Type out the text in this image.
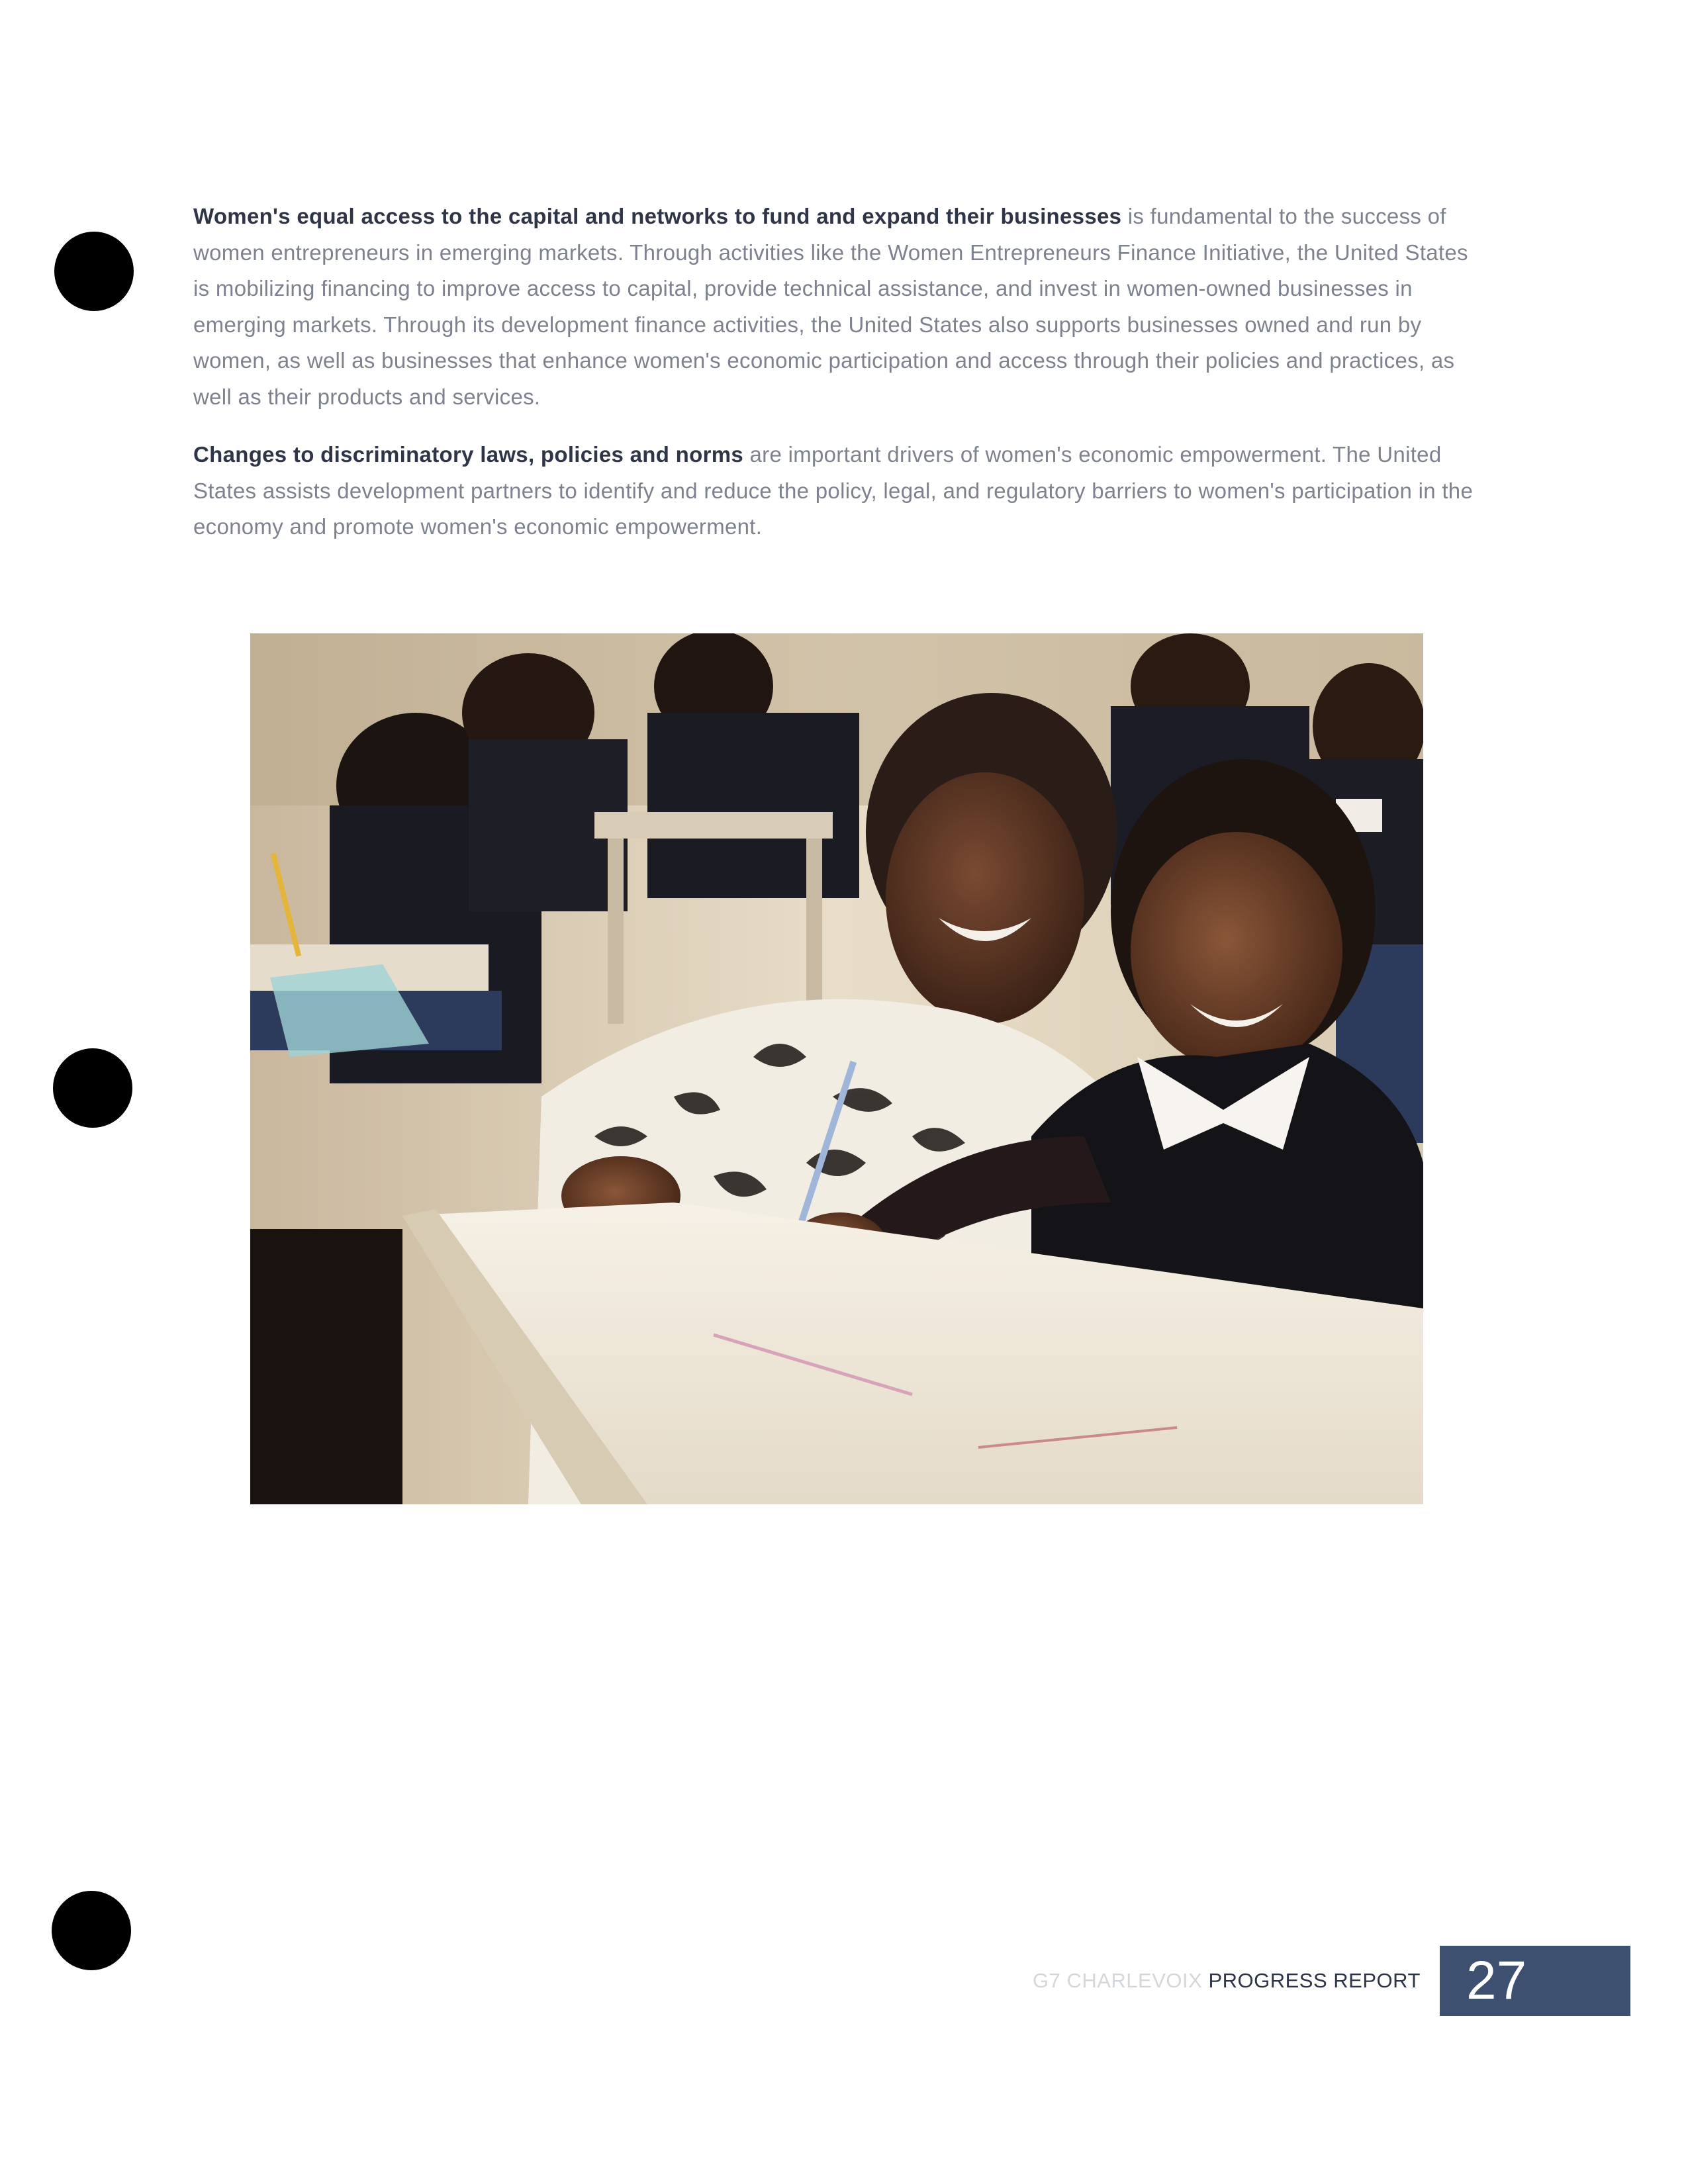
Women's equal access to the capital and networks to fund and expand their businesses is fundamental to the success of women entrepreneurs in emerging markets. Through activities like the Women Entrepreneurs Finance Initiative, the United States is mobilizing financing to improve access to capital, provide technical assistance, and invest in women-owned businesses in emerging markets. Through its development finance activities, the United States also supports businesses owned and run by women, as well as businesses that enhance women's economic participation and access through their policies and practices, as well as their products and services.

Changes to discriminatory laws, policies and norms are important drivers of women's economic empowerment. The United States assists development partners to identify and reduce the policy, legal, and regulatory barriers to women's participation in the economy and promote women's economic empowerment.

G7 CHARLEVOIX PROGRESS REPORT 27
